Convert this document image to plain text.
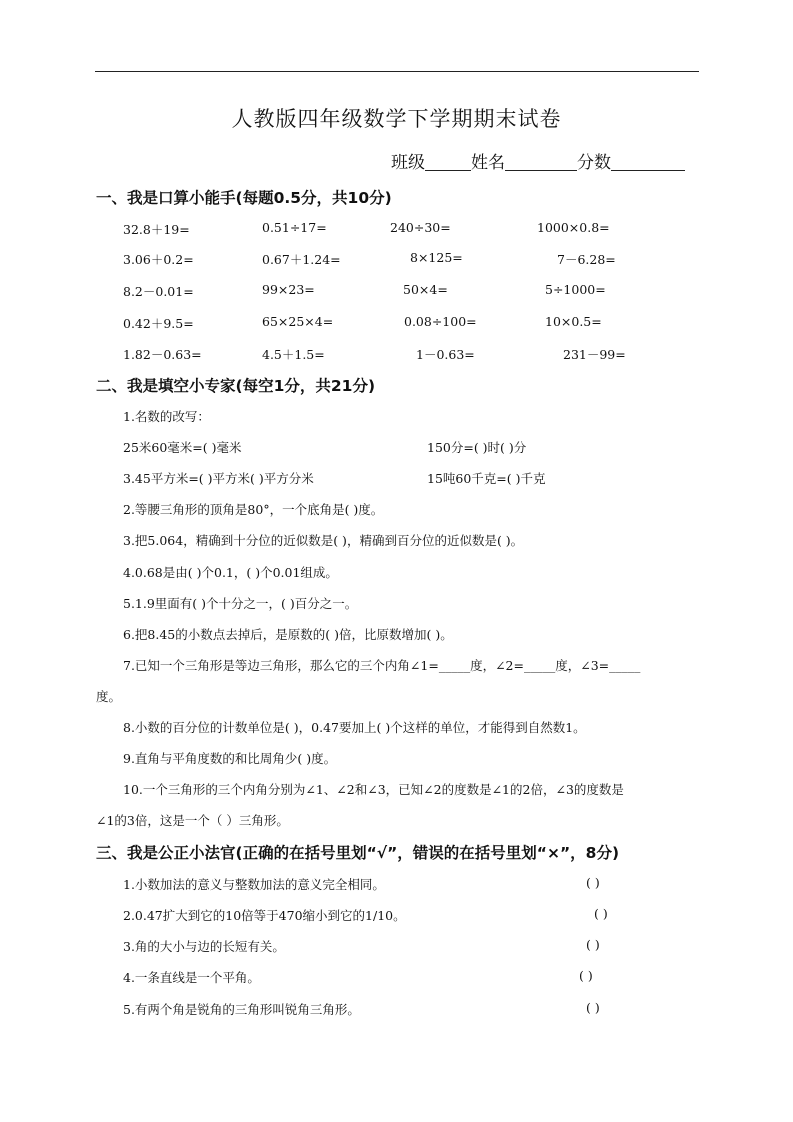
人教版四年级数学下学期期末试卷
班级	姓名	分数
一、我是口算小能手(每题0.5分，共10分)
32.8＋19=	0.51÷17=	240÷30=	1000×0.8=
3.06＋0.2=	0.67＋1.24=	8×125=	7－6.28=
8.2－0.01=	99×23=	50×4=	5÷1000=
0.42＋9.5=	65×25×4=	0.08÷100=	10×0.5=
1.82－0.63=	4.5＋1.5=	1－0.63=	231－99=
二、我是填空小专家(每空1分，共21分)
1.名数的改写：
25米60毫米=( )毫米	150分=( )时( )分
3.45平方米=( )平方米( )平方分米	15吨60千克=( )千克
2.等腰三角形的顶角是80°，一个底角是( )度。
3.把5.064，精确到十分位的近似数是( )，精确到百分位的近似数是( )。
4.0.68是由( )个0.1，( )个0.01组成。
5.1.9里面有( )个十分之一，( )百分之一。
6.把8.45的小数点去掉后，是原数的( )倍，比原数增加( )。
7.已知一个三角形是等边三角形，那么它的三个内角∠1=_____度，∠2=_____度，∠3=_____
度。
8.小数的百分位的计数单位是( )，0.47要加上( )个这样的单位，才能得到自然数1。
9.直角与平角度数的和比周角少( )度。
10.一个三角形的三个内角分别为∠1、∠2和∠3，已知∠2的度数是∠1的2倍，∠3的度数是
∠1的3倍，这是一个（ ）三角形。
三、我是公正小法官(正确的在括号里划“√”，错误的在括号里划“×”，8分)
1.小数加法的意义与整数加法的意义完全相同。	( )
2.0.47扩大到它的10倍等于470缩小到它的1/10。	( )
3.角的大小与边的长短有关。	( )
4.一条直线是一个平角。	( )
5.有两个角是锐角的三角形叫锐角三角形。	( )
